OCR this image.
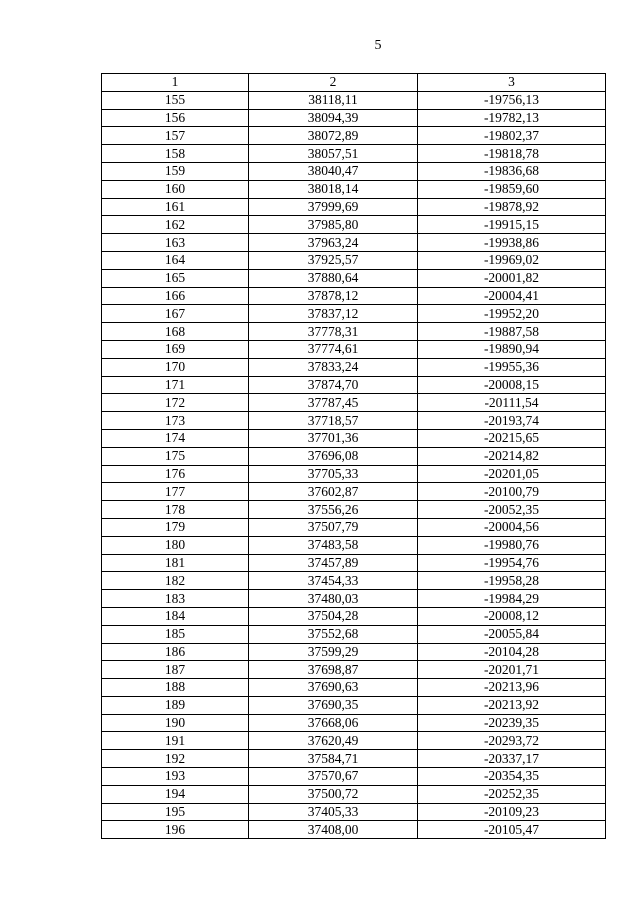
5
1	2	3
155	38118,11	-19756,13
156	38094,39	-19782,13
157	38072,89	-19802,37
158	38057,51	-19818,78
159	38040,47	-19836,68
160	38018,14	-19859,60
161	37999,69	-19878,92
162	37985,80	-19915,15
163	37963,24	-19938,86
164	37925,57	-19969,02
165	37880,64	-20001,82
166	37878,12	-20004,41
167	37837,12	-19952,20
168	37778,31	-19887,58
169	37774,61	-19890,94
170	37833,24	-19955,36
171	37874,70	-20008,15
172	37787,45	-20111,54
173	37718,57	-20193,74
174	37701,36	-20215,65
175	37696,08	-20214,82
176	37705,33	-20201,05
177	37602,87	-20100,79
178	37556,26	-20052,35
179	37507,79	-20004,56
180	37483,58	-19980,76
181	37457,89	-19954,76
182	37454,33	-19958,28
183	37480,03	-19984,29
184	37504,28	-20008,12
185	37552,68	-20055,84
186	37599,29	-20104,28
187	37698,87	-20201,71
188	37690,63	-20213,96
189	37690,35	-20213,92
190	37668,06	-20239,35
191	37620,49	-20293,72
192	37584,71	-20337,17
193	37570,67	-20354,35
194	37500,72	-20252,35
195	37405,33	-20109,23
196	37408,00	-20105,47
